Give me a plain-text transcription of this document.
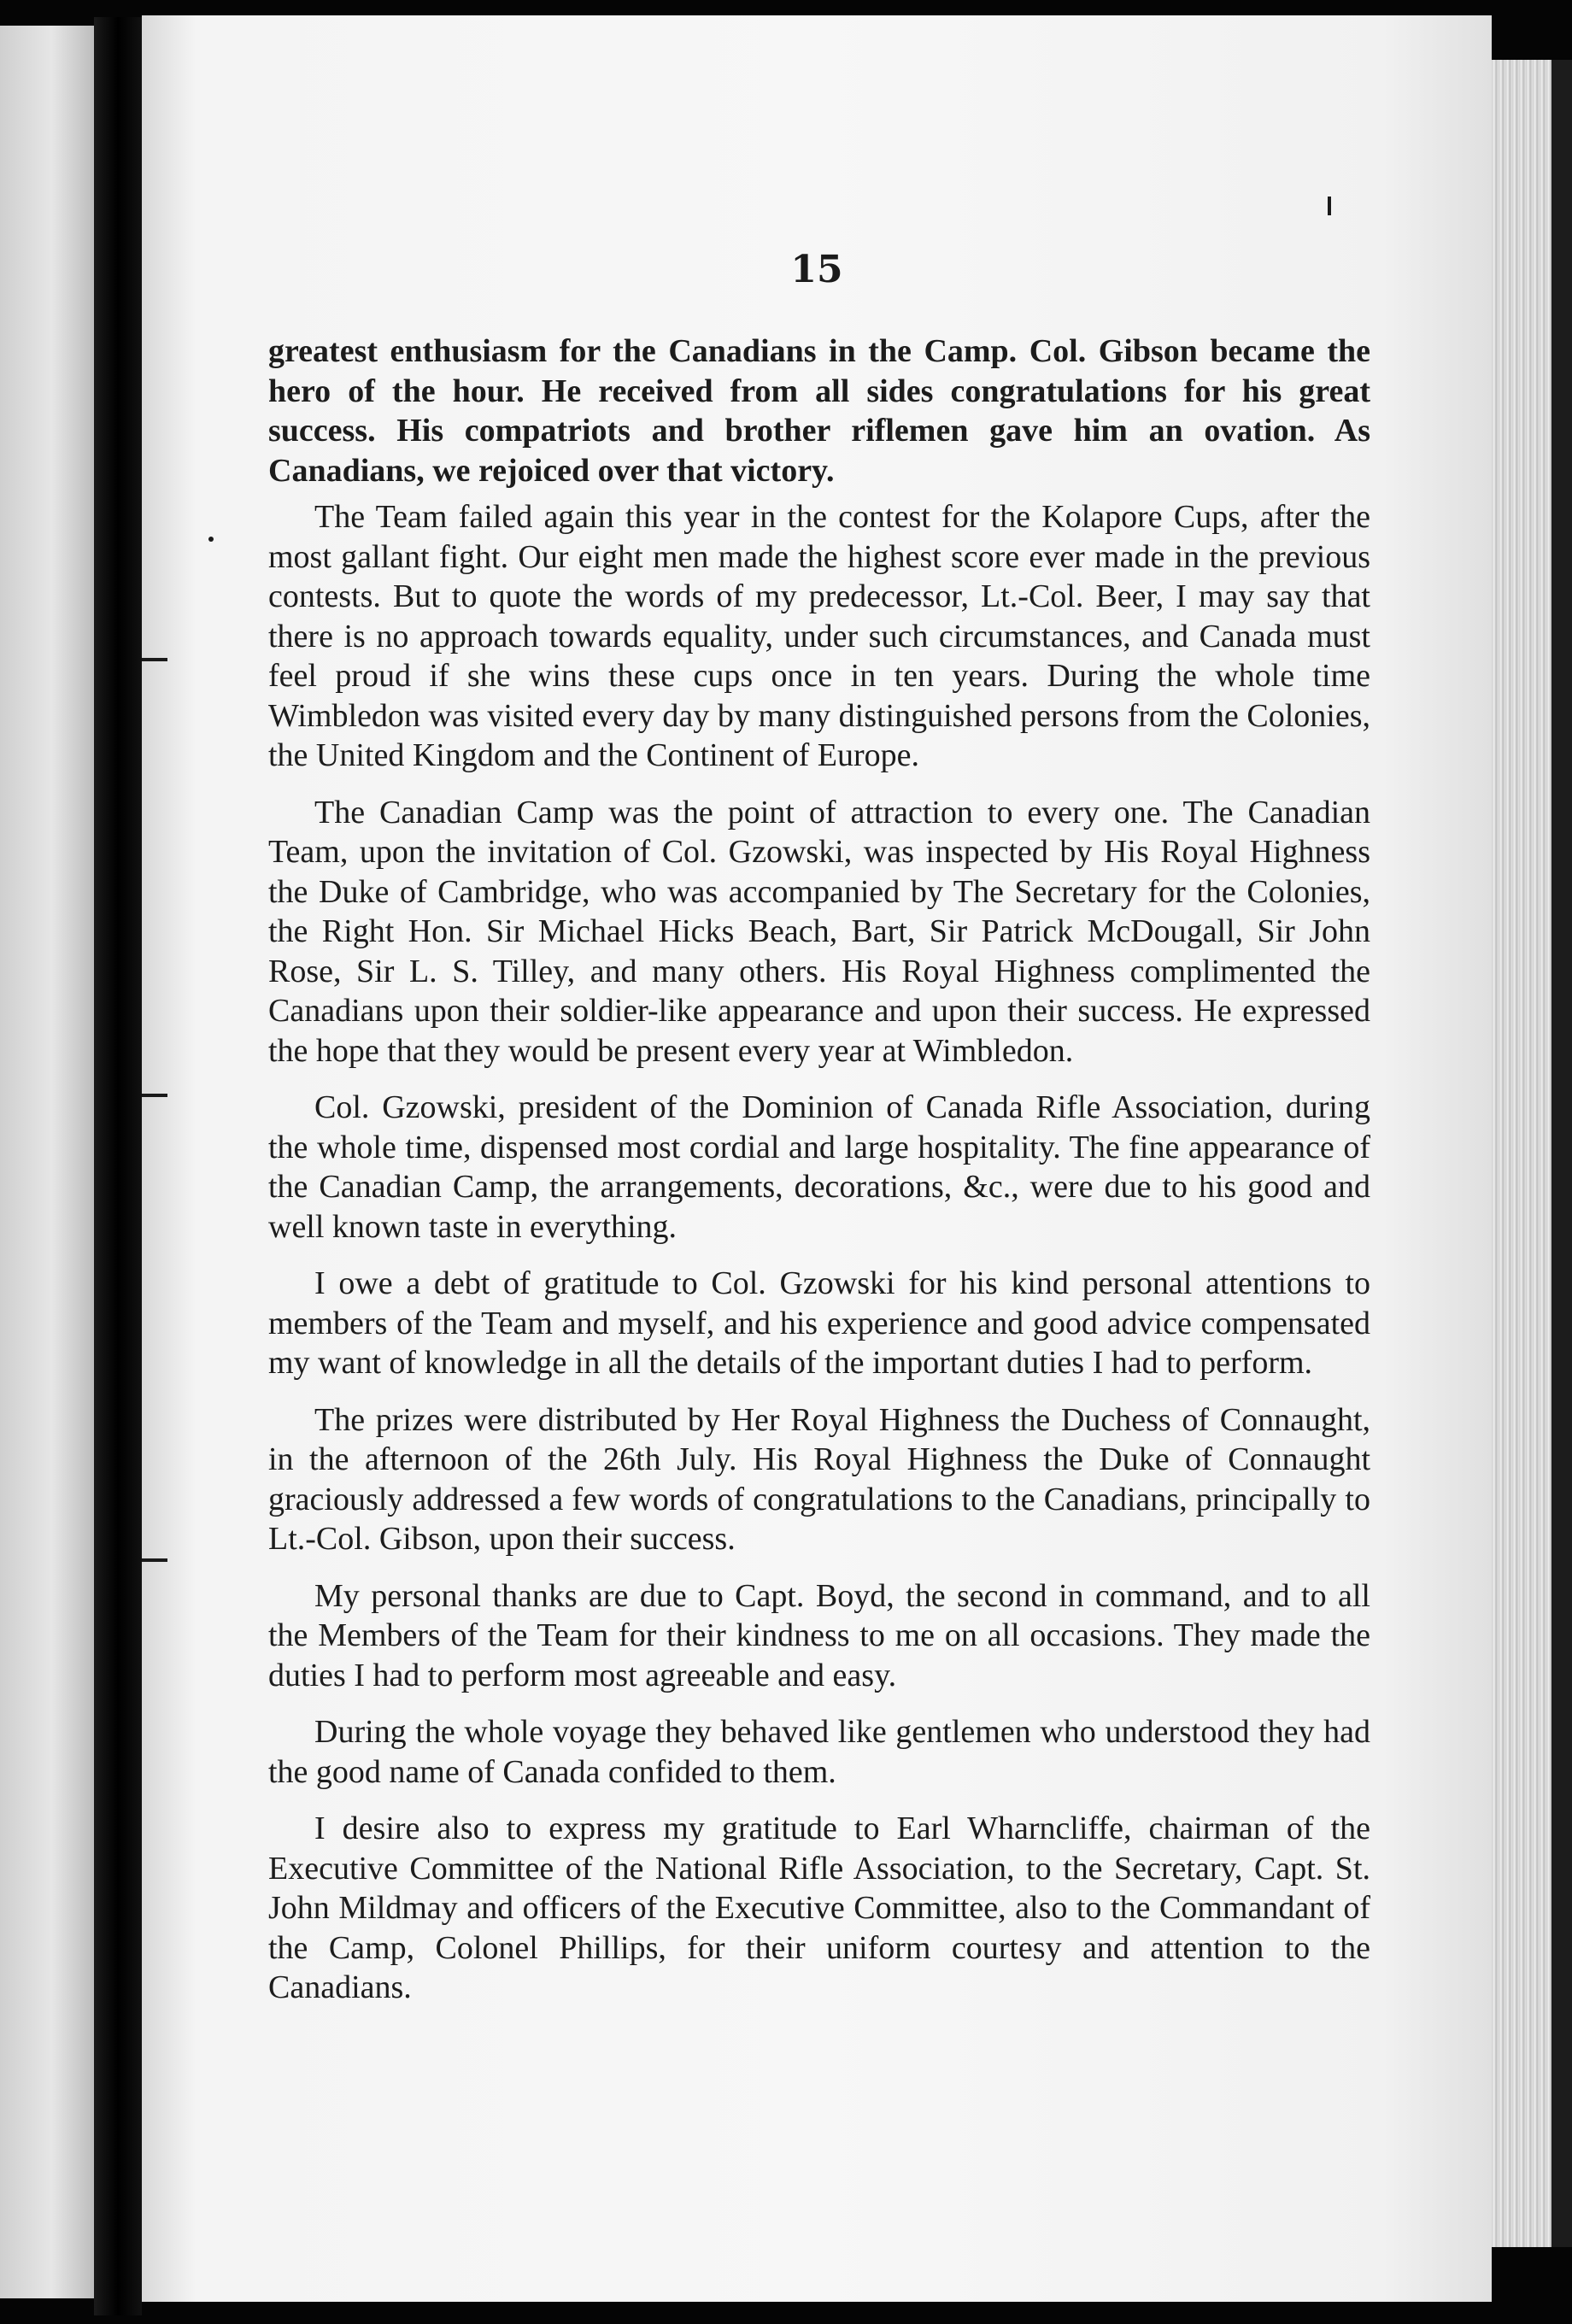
15

greatest enthusiasm for the Canadians in the Camp. Col. Gibson became the hero of the hour. He received from all sides congratulations for his great success. His compatriots and brother riflemen gave him an ovation. As Canadians, we rejoiced over that victory.

The Team failed again this year in the contest for the Kolapore Cups, after the most gallant fight. Our eight men made the highest score ever made in the previous contests. But to quote the words of my predecessor, Lt.-Col. Beer, I may say that there is no approach towards equality, under such circumstances, and Canada must feel proud if she wins these cups once in ten years. During the whole time Wimbledon was visited every day by many distinguished persons from the Colonies, the United Kingdom and the Continent of Europe.

The Canadian Camp was the point of attraction to every one. The Canadian Team, upon the invitation of Col. Gzowski, was inspected by His Royal Highness the Duke of Cambridge, who was accompanied by The Secretary for the Colonies, the Right Hon. Sir Michael Hicks Beach, Bart, Sir Patrick McDougall, Sir John Rose, Sir L. S. Tilley, and many others. His Royal Highness complimented the Canadians upon their soldier-like appearance and upon their success. He expressed the hope that they would be present every year at Wimbledon.

Col. Gzowski, president of the Dominion of Canada Rifle Association, during the whole time, dispensed most cordial and large hospitality. The fine appearance of the Canadian Camp, the arrangements, decorations, &c., were due to his good and well known taste in everything.

I owe a debt of gratitude to Col. Gzowski for his kind personal attentions to members of the Team and myself, and his experience and good advice compensated my want of knowledge in all the details of the important duties I had to perform.

The prizes were distributed by Her Royal Highness the Duchess of Connaught, in the afternoon of the 26th July. His Royal Highness the Duke of Connaught graciously addressed a few words of congratulations to the Canadians, principally to Lt.-Col. Gibson, upon their success.

My personal thanks are due to Capt. Boyd, the second in command, and to all the Members of the Team for their kindness to me on all occasions. They made the duties I had to perform most agreeable and easy.

During the whole voyage they behaved like gentlemen who understood they had the good name of Canada confided to them.

I desire also to express my gratitude to Earl Wharncliffe, chairman of the Executive Committee of the National Rifle Association, to the Secretary, Capt. St. John Mildmay and officers of the Executive Committee, also to the Commandant of the Camp, Colonel Phillips, for their uniform courtesy and attention to the Canadians.
